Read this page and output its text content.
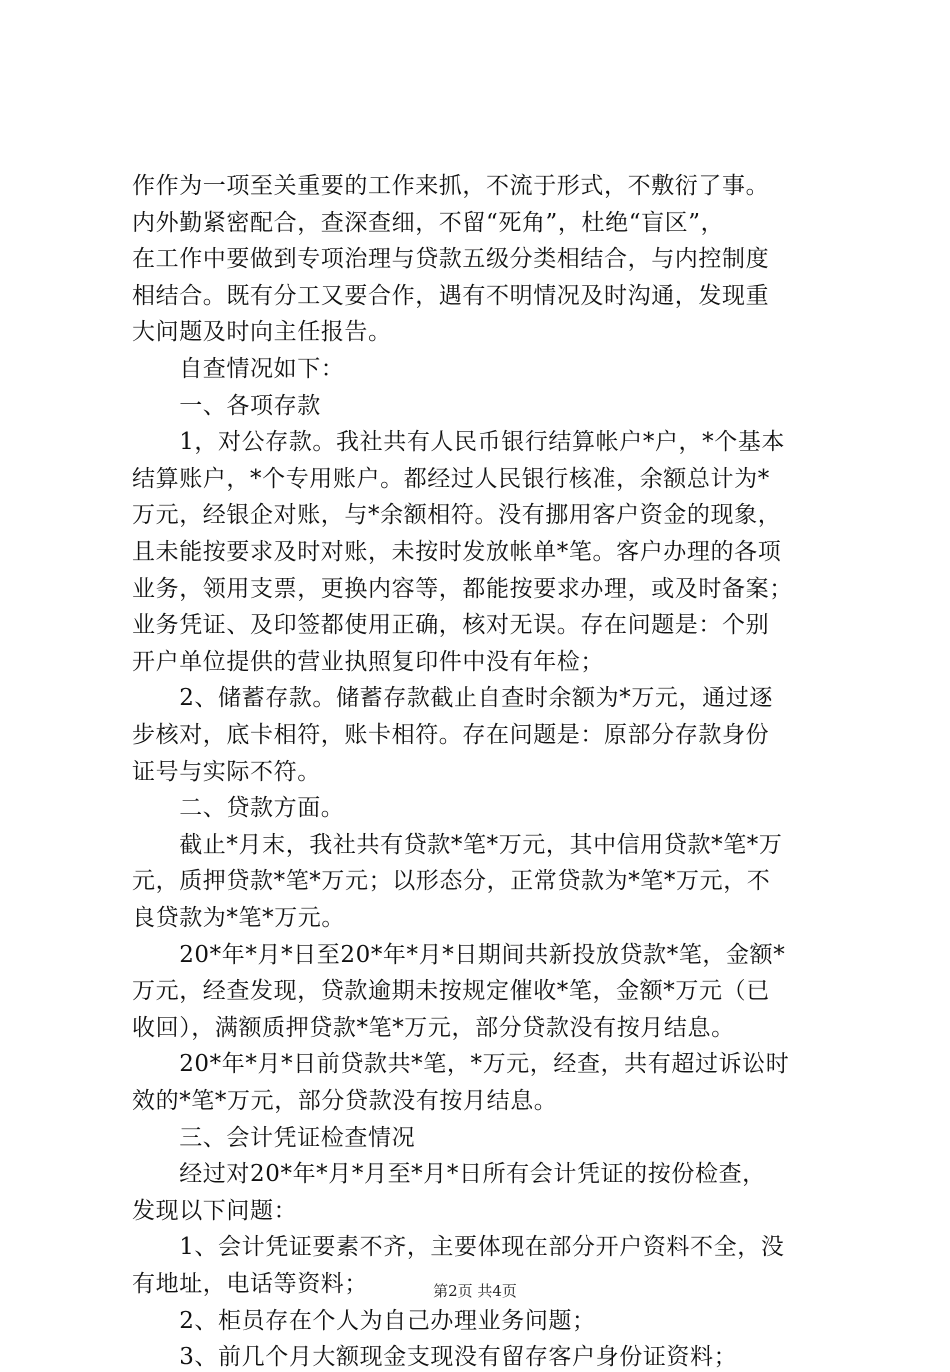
作作为一项至关重要的工作来抓，不流于形式，不敷衍了事。
内外勤紧密配合，查深查细，不留“死角”，杜绝“盲区”，
在工作中要做到专项治理与贷款五级分类相结合，与内控制度
相结合。既有分工又要合作，遇有不明情况及时沟通，发现重
大问题及时向主任报告。
　　自查情况如下：
　　一、各项存款
　　1，对公存款。我社共有人民币银行结算帐户*户，*个基本
结算账户，*个专用账户。都经过人民银行核准，余额总计为*
万元，经银企对账，与*余额相符。没有挪用客户资金的现象，
且未能按要求及时对账，未按时发放帐单*笔。客户办理的各项
业务，领用支票，更换内容等，都能按要求办理，或及时备案；
业务凭证、及印签都使用正确，核对无误。存在问题是：个别
开户单位提供的营业执照复印件中没有年检；
　　2、储蓄存款。储蓄存款截止自查时余额为*万元，通过逐
步核对，底卡相符，账卡相符。存在问题是：原部分存款身份
证号与实际不符。
　　二、贷款方面。
　　截止*月末，我社共有贷款*笔*万元，其中信用贷款*笔*万
元，质押贷款*笔*万元；以形态分，正常贷款为*笔*万元，不
良贷款为*笔*万元。
　　20*年*月*日至20*年*月*日期间共新投放贷款*笔，金额*
万元，经查发现，贷款逾期未按规定催收*笔，金额*万元（已
收回），满额质押贷款*笔*万元，部分贷款没有按月结息。
　　20*年*月*日前贷款共*笔，*万元，经查，共有超过诉讼时
效的*笔*万元，部分贷款没有按月结息。
　　三、会计凭证检查情况
　　经过对20*年*月*月至*月*日所有会计凭证的按份检查，
发现以下问题：
　　1、会计凭证要素不齐，主要体现在部分开户资料不全，没
有地址，电话等资料；
　　2、柜员存在个人为自己办理业务问题；
　　3、前几个月大额现金支现没有留存客户身份证资料；
第2页 共4页
